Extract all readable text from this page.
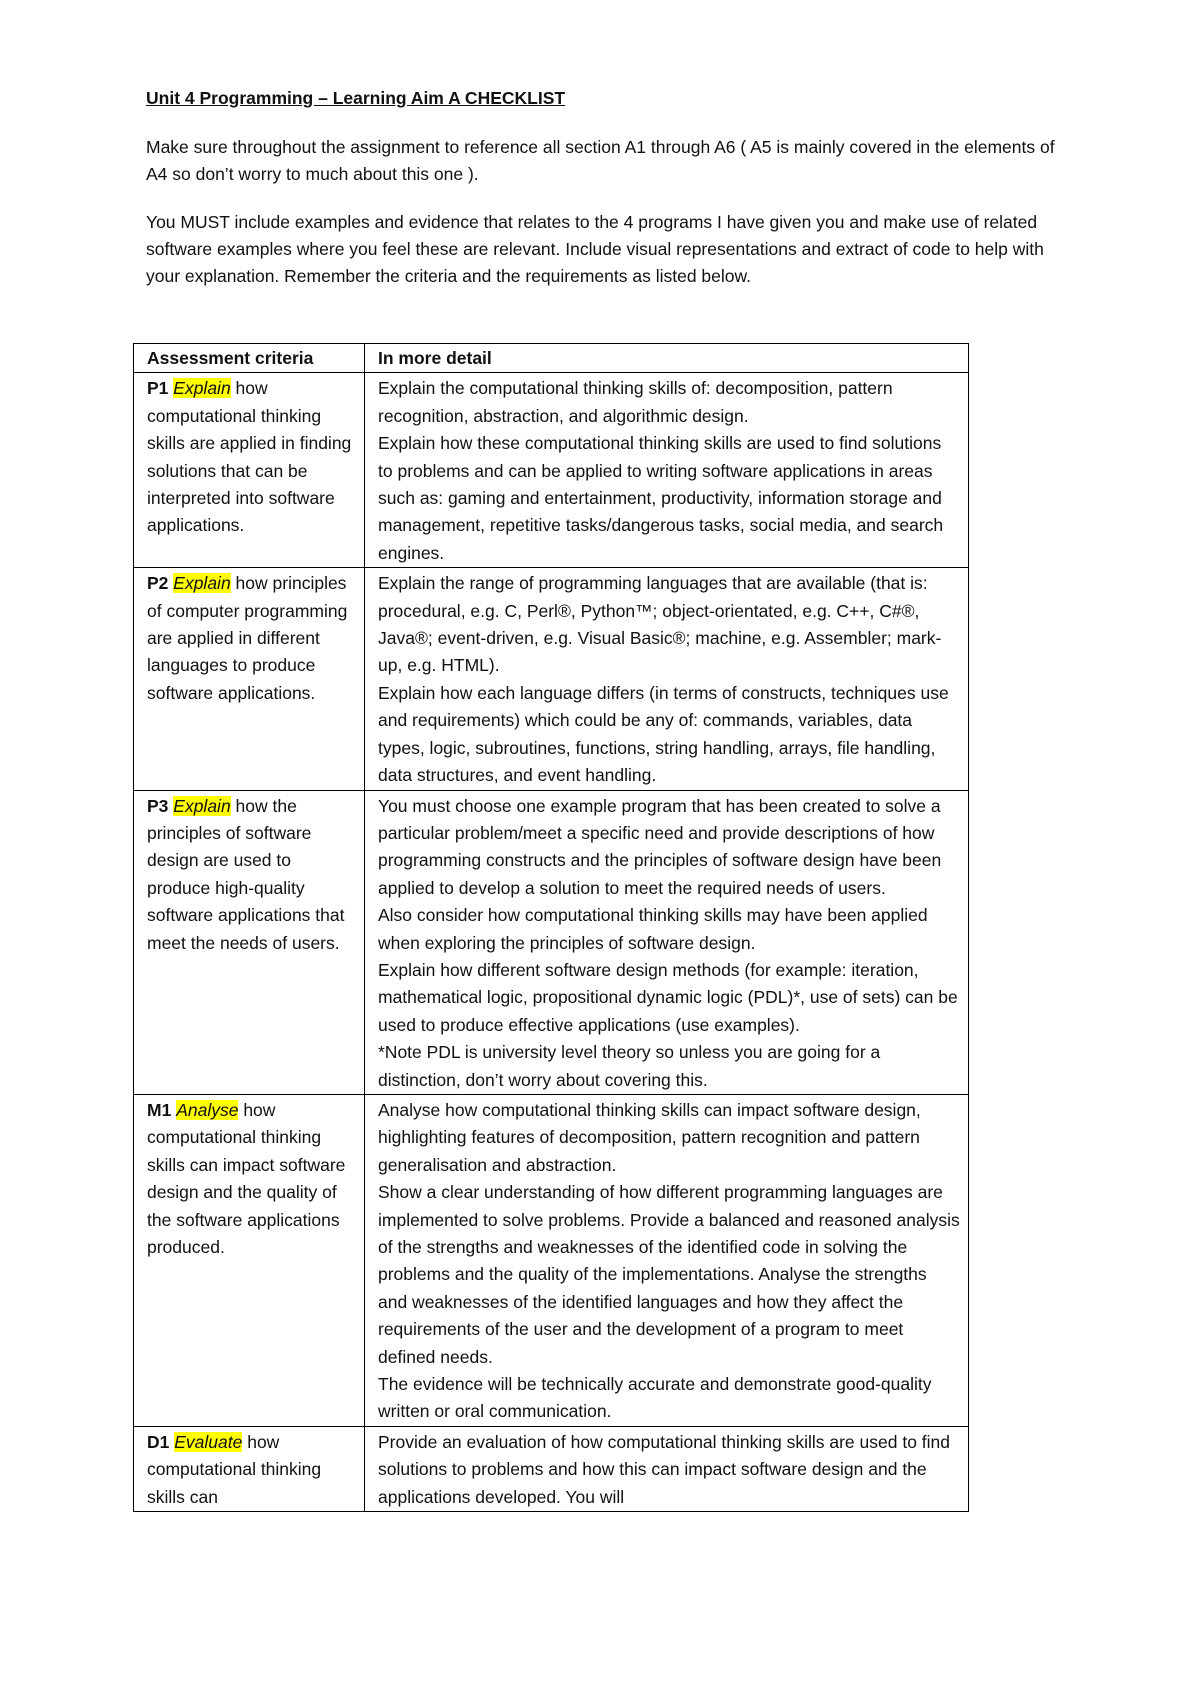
Unit 4 Programming – Learning Aim A CHECKLIST

Make sure throughout the assignment to reference all section A1 through A6 ( A5 is mainly covered in the elements of A4 so don’t worry to much about this one ).

You MUST include examples and evidence that relates to the 4 programs I have given you and make use of related software examples where you feel these are relevant. Include visual representations and extract of code to help with your explanation. Remember the criteria and the requirements as listed below.

Assessment criteria	In more detail
P1 Explain how computational thinking skills are applied in finding solutions that can be interpreted into software applications.	Explain the computational thinking skills of: decomposition, pattern recognition, abstraction, and algorithmic design.
Explain how these computational thinking skills are used to find solutions to problems and can be applied to writing software applications in areas such as: gaming and entertainment, productivity, information storage and management, repetitive tasks/dangerous tasks, social media, and search engines.

P2 Explain how principles of computer programming are applied in different languages to produce software applications.	Explain the range of programming languages that are available (that is: procedural, e.g. C, Perl®, Python™; object-orientated, e.g. C++, C#®, Java®; event-driven, e.g. Visual Basic®; machine, e.g. Assembler; mark-up, e.g. HTML).
Explain how each language differs (in terms of constructs, techniques use and requirements) which could be any of: commands, variables, data types, logic, subroutines, functions, string handling, arrays, file handling, data structures, and event handling.

P3 Explain how the principles of software design are used to produce high-quality software applications that meet the needs of users.	You must choose one example program that has been created to solve a particular problem/meet a specific need and provide descriptions of how programming constructs and the principles of software design have been applied to develop a solution to meet the required needs of users.
Also consider how computational thinking skills may have been applied when exploring the principles of software design.
Explain how different software design methods (for example: iteration, mathematical logic, propositional dynamic logic (PDL)*, use of sets) can be used to produce effective applications (use examples).
*Note PDL is university level theory so unless you are going for a distinction, don’t worry about covering this.

M1 Analyse how computational thinking skills can impact software design and the quality of the software applications produced.	Analyse how computational thinking skills can impact software design, highlighting features of decomposition, pattern recognition and pattern generalisation and abstraction.
Show a clear understanding of how different programming languages are implemented to solve problems. Provide a balanced and reasoned analysis of the strengths and weaknesses of the identified code in solving the problems and the quality of the implementations. Analyse the strengths and weaknesses of the identified languages and how they affect the requirements of the user and the development of a program to meet defined needs.
The evidence will be technically accurate and demonstrate good-quality written or oral communication.

D1 Evaluate how computational thinking skills can	Provide an evaluation of how computational thinking skills are used to find solutions to problems and how this can impact software design and the applications developed. You will
